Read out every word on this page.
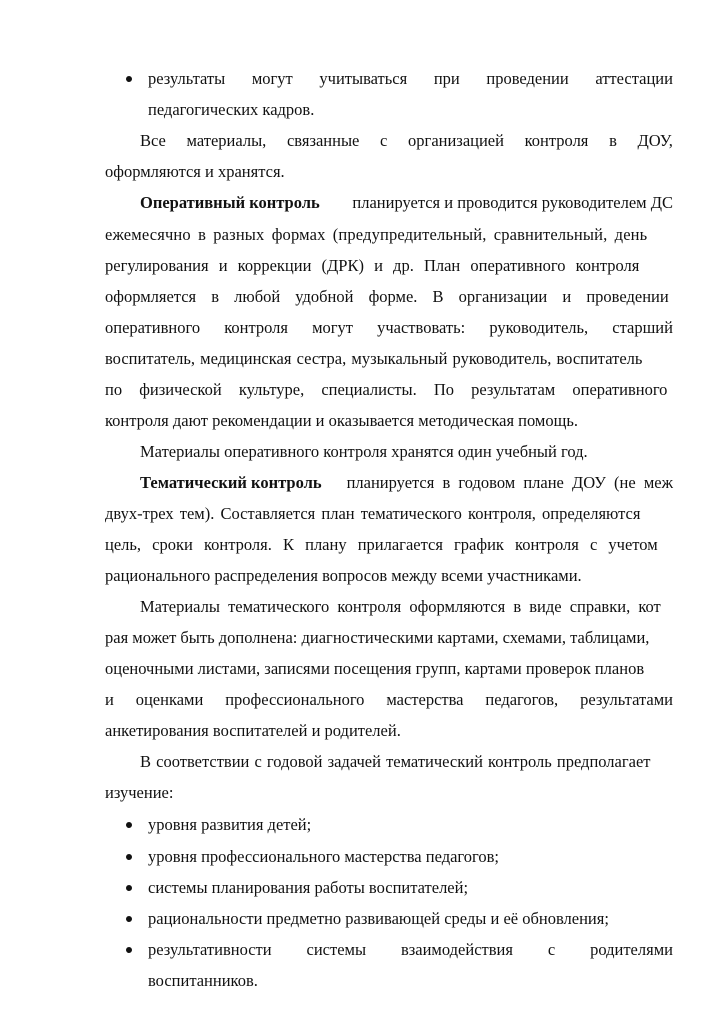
результаты могут учитываться при проведении аттестации
педагогических кадров.
Все материалы, связанные с организацией контроля в ДОУ,
оформляются и хранятся.
Оперативный контроль планируется и проводится руководителем ДС
ежемесячно в разных формах (предупредительный, сравнительный, день
регулирования и коррекции (ДРК) и др. План оперативного контроля
оформляется в любой удобной форме. В организации и проведении
оперативного контроля могут участвовать: руководитель, старший
воспитатель, медицинская сестра, музыкальный руководитель, воспитатель
по физической культуре, специалисты. По результатам оперативного
контроля дают рекомендации и оказывается методическая помощь.
Материалы оперативного контроля хранятся один учебный год.
Тематический контроль планируется в годовом плане ДОУ (не меж
двух-трех тем). Составляется план тематического контроля, определяются
цель, сроки контроля. К плану прилагается график контроля с учетом
рационального распределения вопросов между всеми участниками.
Материалы тематического контроля оформляются в виде справки, кот
рая может быть дополнена: диагностическими картами, схемами, таблицами,
оценочными листами, записями посещения групп, картами проверок планов
и оценками профессионального мастерства педагогов, результатами
анкетирования воспитателей и родителей.
В соответствии с годовой задачей тематический контроль предполагает
изучение:
уровня развития детей;
уровня профессионального мастерства педагогов;
системы планирования работы воспитателей;
рациональности предметно развивающей среды и её обновления;
результативности системы взаимодействия с родителями
воспитанников.
